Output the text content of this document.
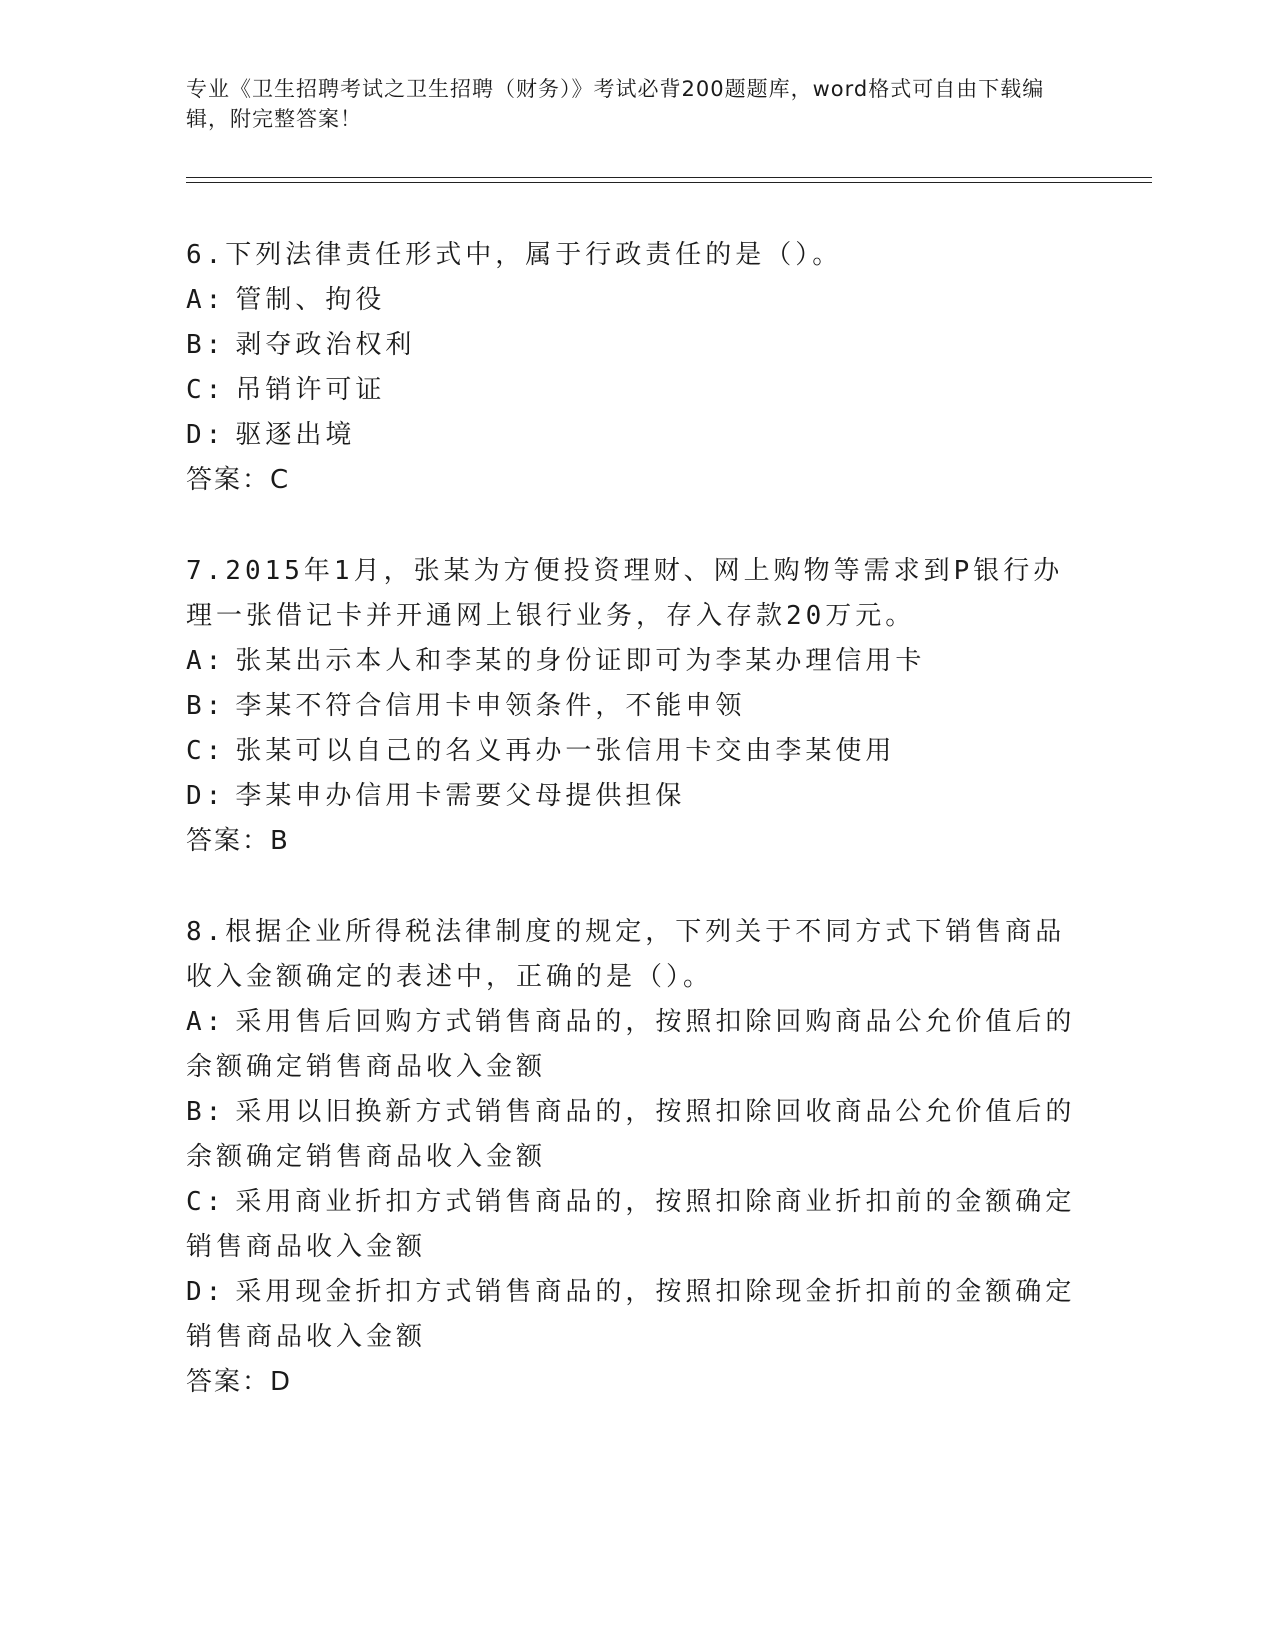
专业《卫生招聘考试之卫生招聘（财务）》考试必背200题题库，word格式可自由下载编辑，附完整答案！
6.下列法律责任形式中，属于行政责任的是（）。
A: 管制、拘役
B: 剥夺政治权利
C: 吊销许可证
D: 驱逐出境
答案：C
7.2015年1月，张某为方便投资理财、网上购物等需求到P银行办理一张借记卡并开通网上银行业务，存入存款20万元。
A: 张某出示本人和李某的身份证即可为李某办理信用卡
B: 李某不符合信用卡申领条件，不能申领
C: 张某可以自己的名义再办一张信用卡交由李某使用
D: 李某申办信用卡需要父母提供担保
答案：B
8.根据企业所得税法律制度的规定，下列关于不同方式下销售商品收入金额确定的表述中，正确的是（）。
A: 采用售后回购方式销售商品的，按照扣除回购商品公允价值后的余额确定销售商品收入金额
B: 采用以旧换新方式销售商品的，按照扣除回收商品公允价值后的余额确定销售商品收入金额
C: 采用商业折扣方式销售商品的，按照扣除商业折扣前的金额确定销售商品收入金额
D: 采用现金折扣方式销售商品的，按照扣除现金折扣前的金额确定销售商品收入金额
答案：D
